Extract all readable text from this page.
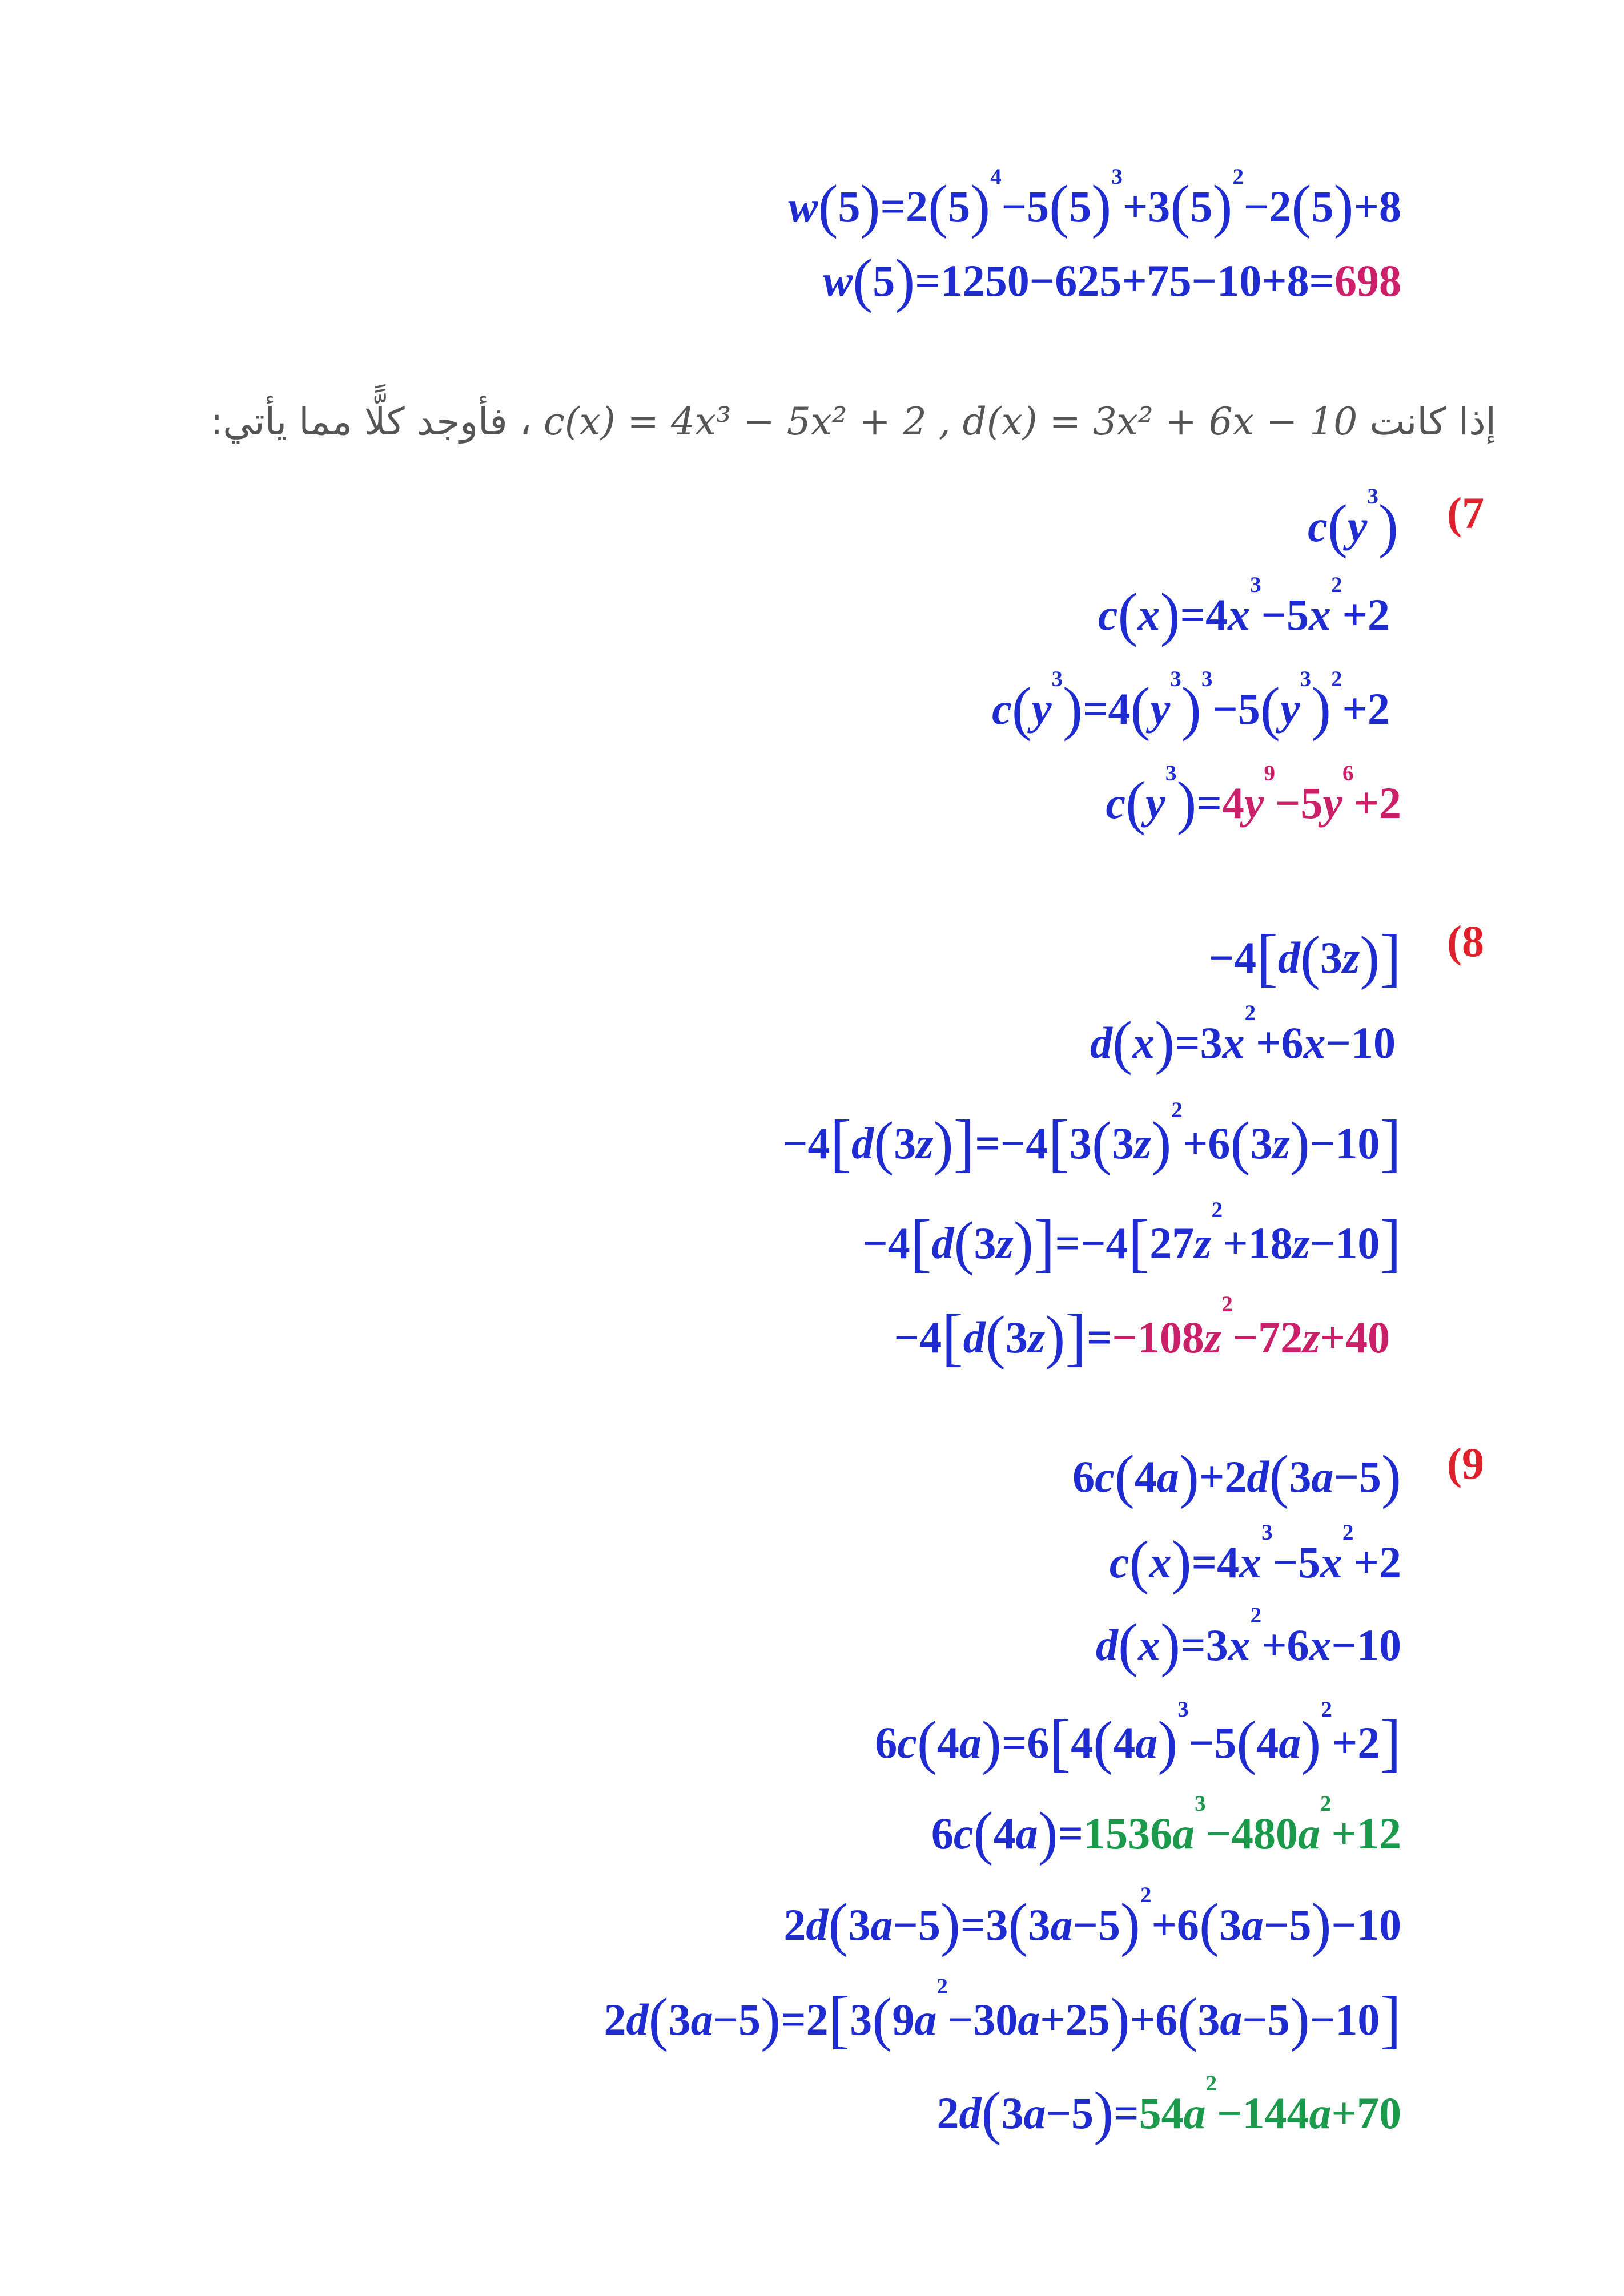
$w(5)=2(5)^4-5(5)^3+3(5)^2-2(5)+8$
w(5)=1250−625+75−10+8=698
إذا كانت c(x) = 4x³ − 5x² + 2 , d(x) = 3x² + 6x − 10 ، فأوجد كلًّا مما يأتي:
(7
$c(y^3)$
$c(x)=4x^3-5x^2+2$
$c(y^3)=4(y^3)^3-5(y^3)^2+2$
$c(y^3)=4y^9-5y^6+2$
(8
−4[d(3z)]
$d(x)=3x^2+6x-10$
$-4[d(3z)]=-4[3(3z)^2+6(3z)-10]$
$-4[d(3z)]=-4[27z^2+18z-10]$
$-4[d(3z)]=-108z^2-72z+40$
(9
6c(4a)+2d(3a−5)
$c(x)=4x^3-5x^2+2$
$d(x)=3x^2+6x-10$
$6c(4a)=6[4(4a)^3-5(4a)^2+2]$
$6c(4a)=1536a^3-480a^2+12$
$2d(3a-5)=3(3a-5)^2+6(3a-5)-10$
$2d(3a-5)=2[3(9a^2-30a+25)+6(3a-5)-10]$
$2d(3a-5)=54a^2-144a+70$
